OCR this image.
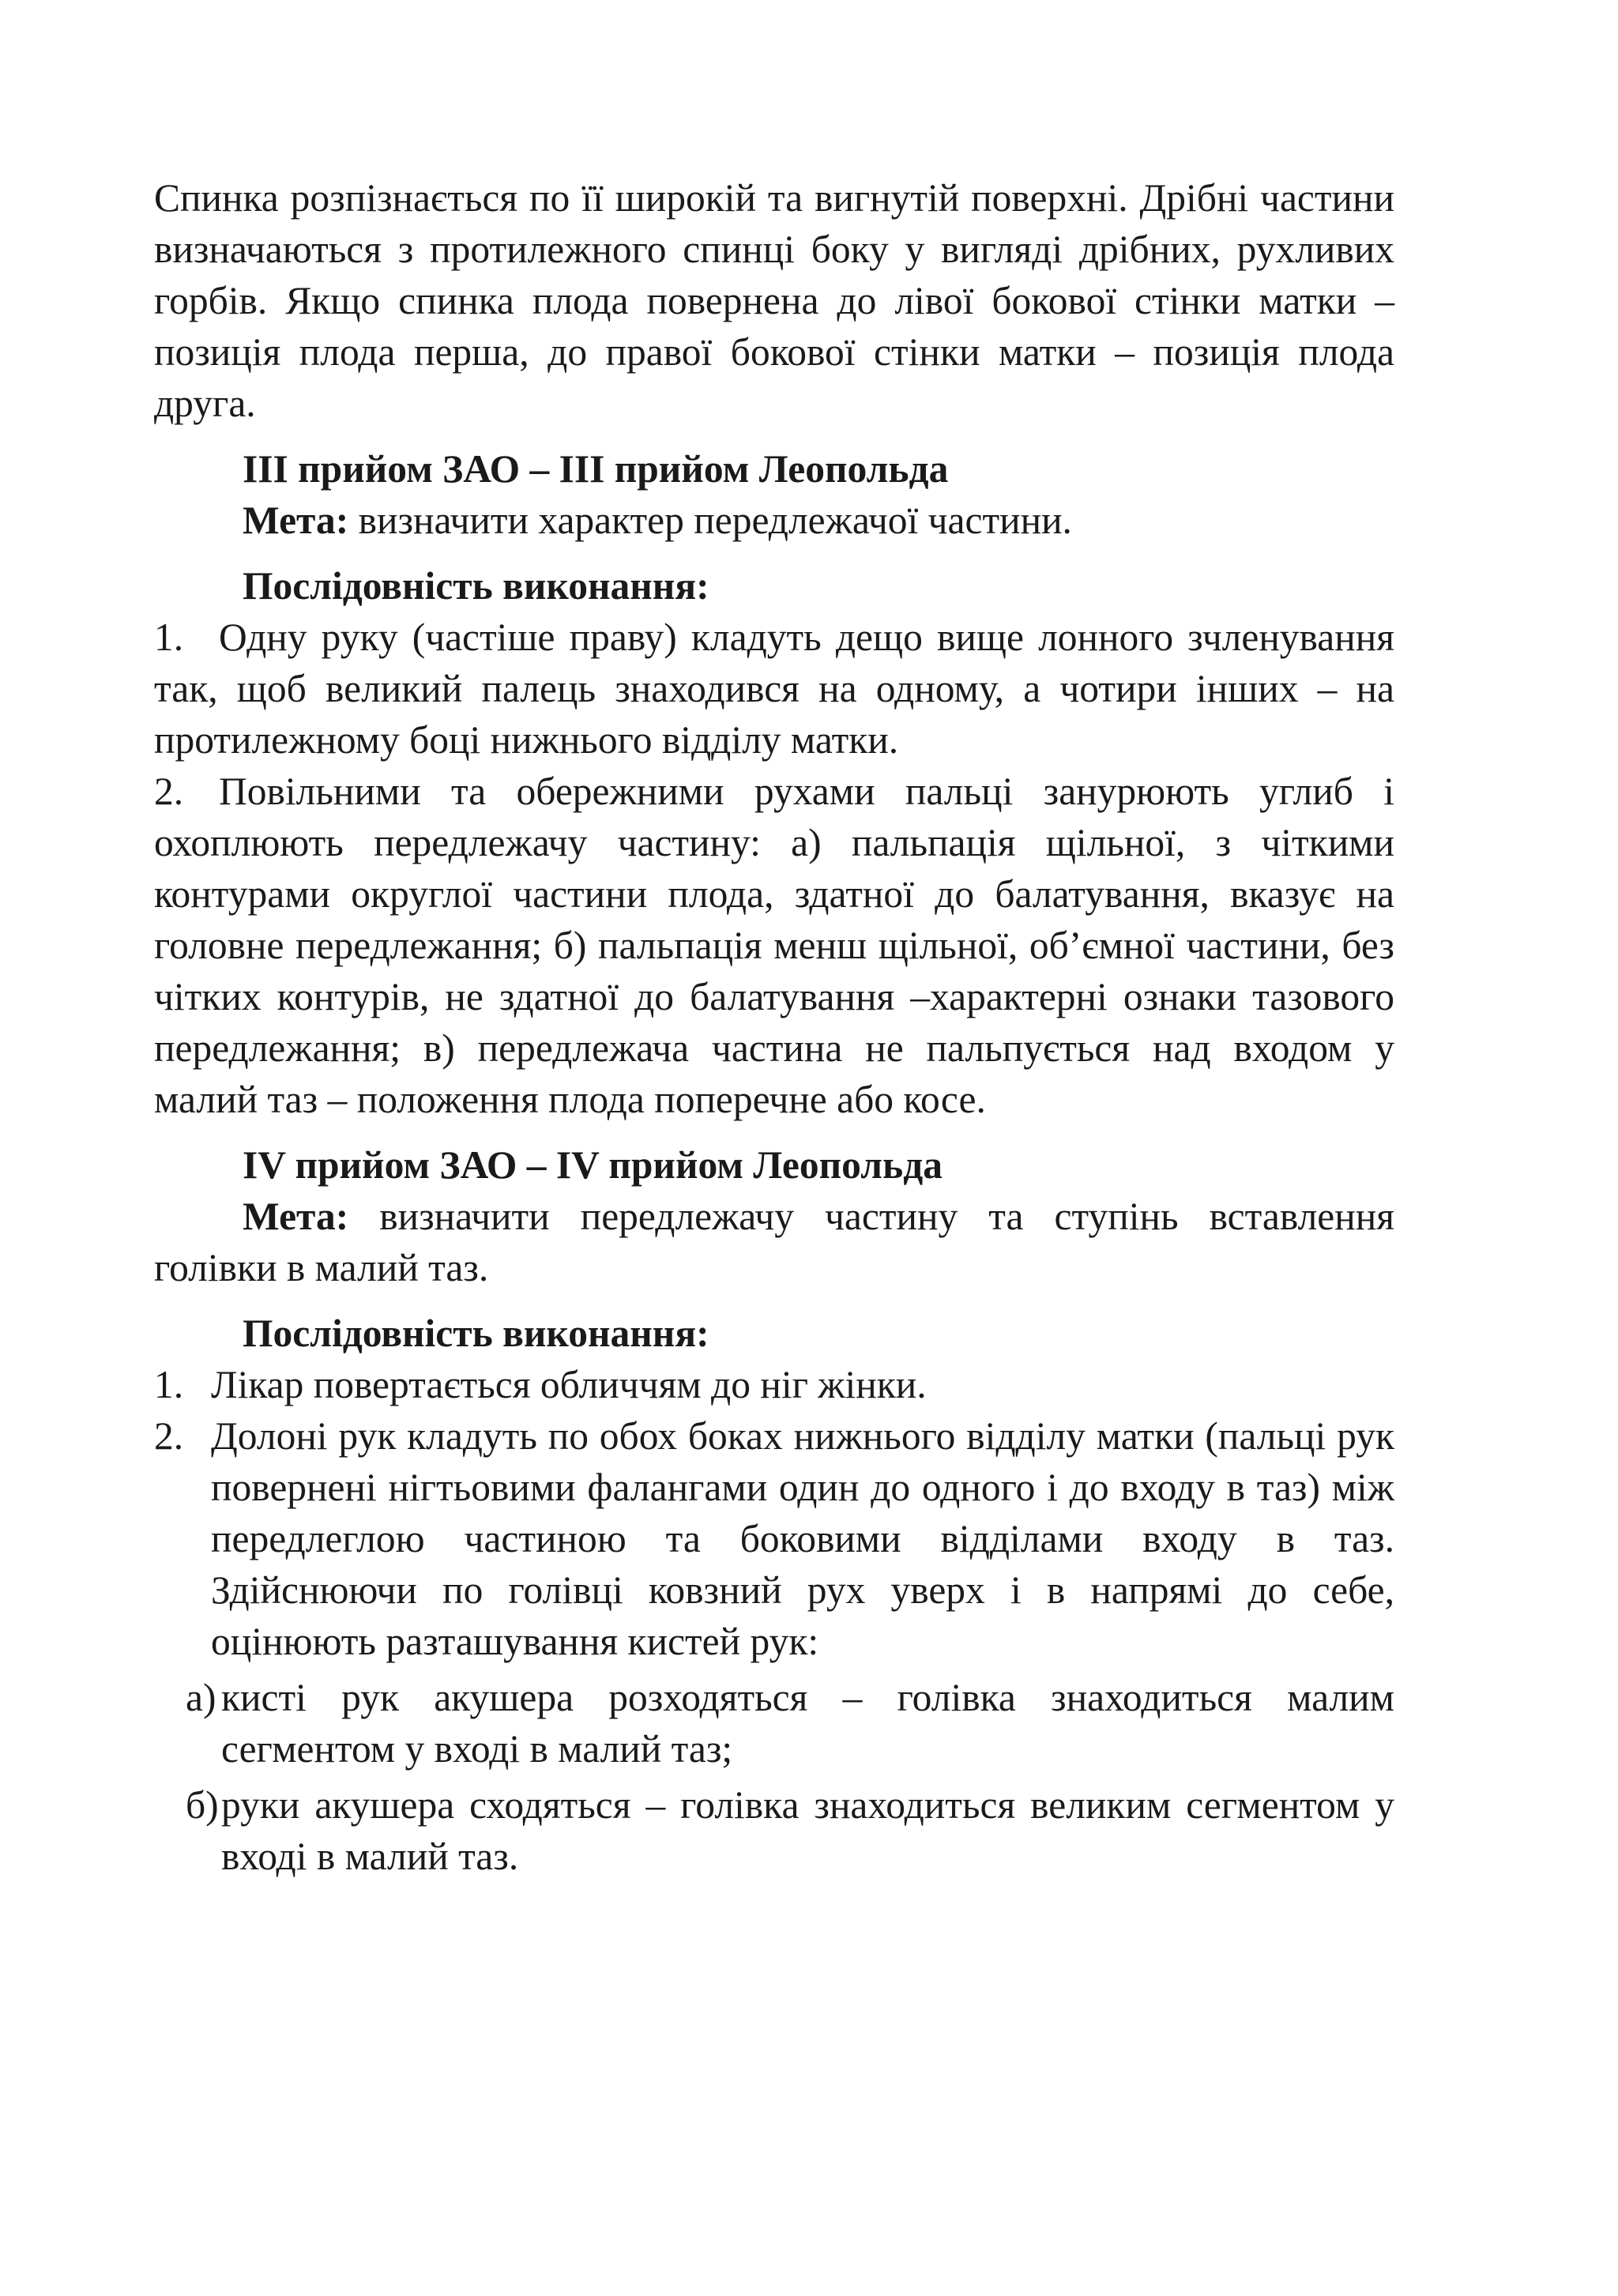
Спинка розпізнається по її широкій та вигнутій поверхні. Дрібні частини визначаються з протилежного спинці боку у вигляді дрібних, рухливих горбів. Якщо спинка плода повернена до лівої бокової стінки матки – позиція плода перша, до правої бокової стінки матки – позиція плода друга.

III прийом ЗАО – III прийом Леопольда

Мета: визначити характер передлежачої частини.

Послідовність виконання:

1. Одну руку (частіше праву) кладуть дещо вище лонного зчленування так, щоб великий палець знаходився на одному, а чотири інших – на протилежному боці нижнього відділу матки.

2. Повільними та обережними рухами пальці занурюють углиб і охоплюють передлежачу частину: а) пальпація щільної, з чіткими контурами округлої частини плода, здатної до балатування, вказує на головне передлежання; б) пальпація менш щільної, об’ємної частини, без чітких контурів, не здатної до балатування –характерні ознаки тазового передлежання; в) передлежача частина не пальпується над входом у малий таз – положення плода поперечне або косе.

IV прийом ЗАО – IV прийом Леопольда

Мета: визначити передлежачу частину та ступінь вставлення голівки в малий таз.

Послідовність виконання:

1. Лікар повертається обличчям до ніг жінки.

2. Долоні рук кладуть по обох боках нижнього відділу матки (пальці рук повернені нігтьовими фалангами один до одного і до входу в таз) між передлеглою частиною та боковими відділами входу в таз. Здійснюючи по голівці ковзний рух уверх і в напрямі до себе, оцінюють разташування кистей рук:

а) кисті рук акушера розходяться – голівка знаходиться малим сегментом у вході в малий таз;

б) руки акушера сходяться – голівка знаходиться великим сегментом у вході в малий таз.
